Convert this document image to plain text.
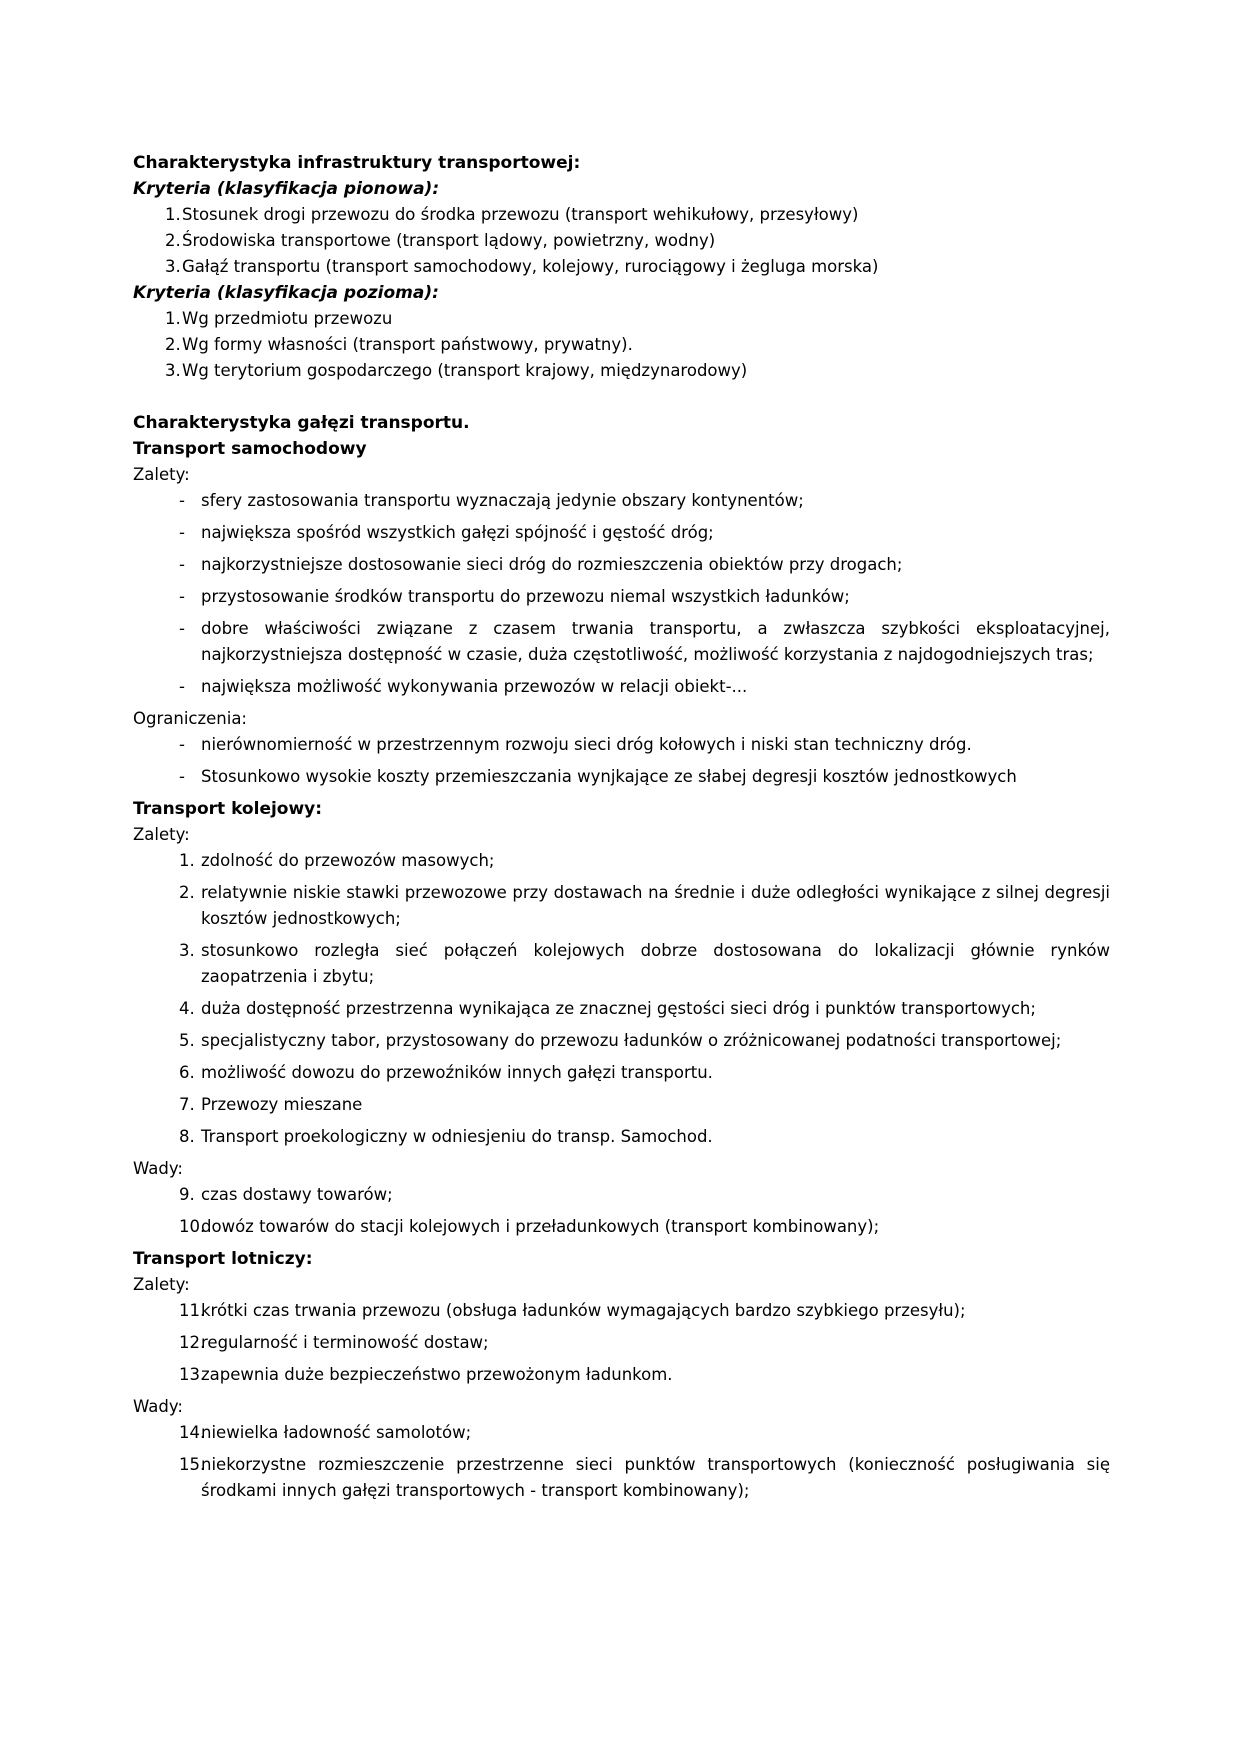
Charakterystyka infrastruktury transportowej:
Kryteria (klasyfikacja pionowa):
1. Stosunek drogi przewozu do środka przewozu (transport wehikułowy, przesyłowy)
2. Środowiska transportowe (transport lądowy, powietrzny, wodny)
3. Gałąź transportu (transport samochodowy, kolejowy, rurociągowy i żegluga morska)
Kryteria (klasyfikacja pozioma):
1. Wg przedmiotu przewozu
2. Wg formy własności (transport państwowy, prywatny).
3. Wg terytorium gospodarczego (transport krajowy, międzynarodowy)
Charakterystyka gałęzi transportu.
Transport samochodowy
Zalety:
- sfery zastosowania transportu wyznaczają jedynie obszary kontynentów;
- największa spośród wszystkich gałęzi spójność i gęstość dróg;
- najkorzystniejsze dostosowanie sieci dróg do rozmieszczenia obiektów przy drogach;
- przystosowanie środków transportu do przewozu niemal wszystkich ładunków;
- dobre właściwości związane z czasem trwania transportu, a zwłaszcza szybkości eksploatacyjnej, najkorzystniejsza dostępność w czasie, duża częstotliwość, możliwość korzystania z najdogodniejszych tras;
- największa możliwość wykonywania przewozów w relacji obiekt-...
Ograniczenia:
- nierównomierność w przestrzennym rozwoju sieci dróg kołowych i niski stan techniczny dróg.
- Stosunkowo wysokie koszty przemieszczania wynjkające ze słabej degresji kosztów jednostkowych
Transport kolejowy:
Zalety:
1. zdolność do przewozów masowych;
2. relatywnie niskie stawki przewozowe przy dostawach na średnie i duże odległości wynikające z silnej degresji kosztów jednostkowych;
3. stosunkowo rozległa sieć połączeń kolejowych dobrze dostosowana do lokalizacji głównie rynków zaopatrzenia i zbytu;
4. duża dostępność przestrzenna wynikająca ze znacznej gęstości sieci dróg i punktów transportowych;
5. specjalistyczny tabor, przystosowany do przewozu ładunków o zróżnicowanej podatności transportowej;
6. możliwość dowozu do przewoźników innych gałęzi transportu.
7. Przewozy mieszane
8. Transport proekologiczny w odniesjeniu do transp. Samochod.
Wady:
9. czas dostawy towarów;
10.
dowóz towarów do stacji kolejowych i przeładunkowych (transport kombinowany);
Transport lotniczy:
Zalety:
11.
krótki czas trwania przewozu (obsługa ładunków wymagających bardzo szybkiego przesyłu);
12.
regularność i terminowość dostaw;
13.
zapewnia duże bezpieczeństwo przewożonym ładunkom.
Wady:
14.
niewielka ładowność samolotów;
15.
niekorzystne rozmieszczenie przestrzenne sieci punktów transportowych (konieczność posługiwania się środkami innych gałęzi transportowych - transport kombinowany);
